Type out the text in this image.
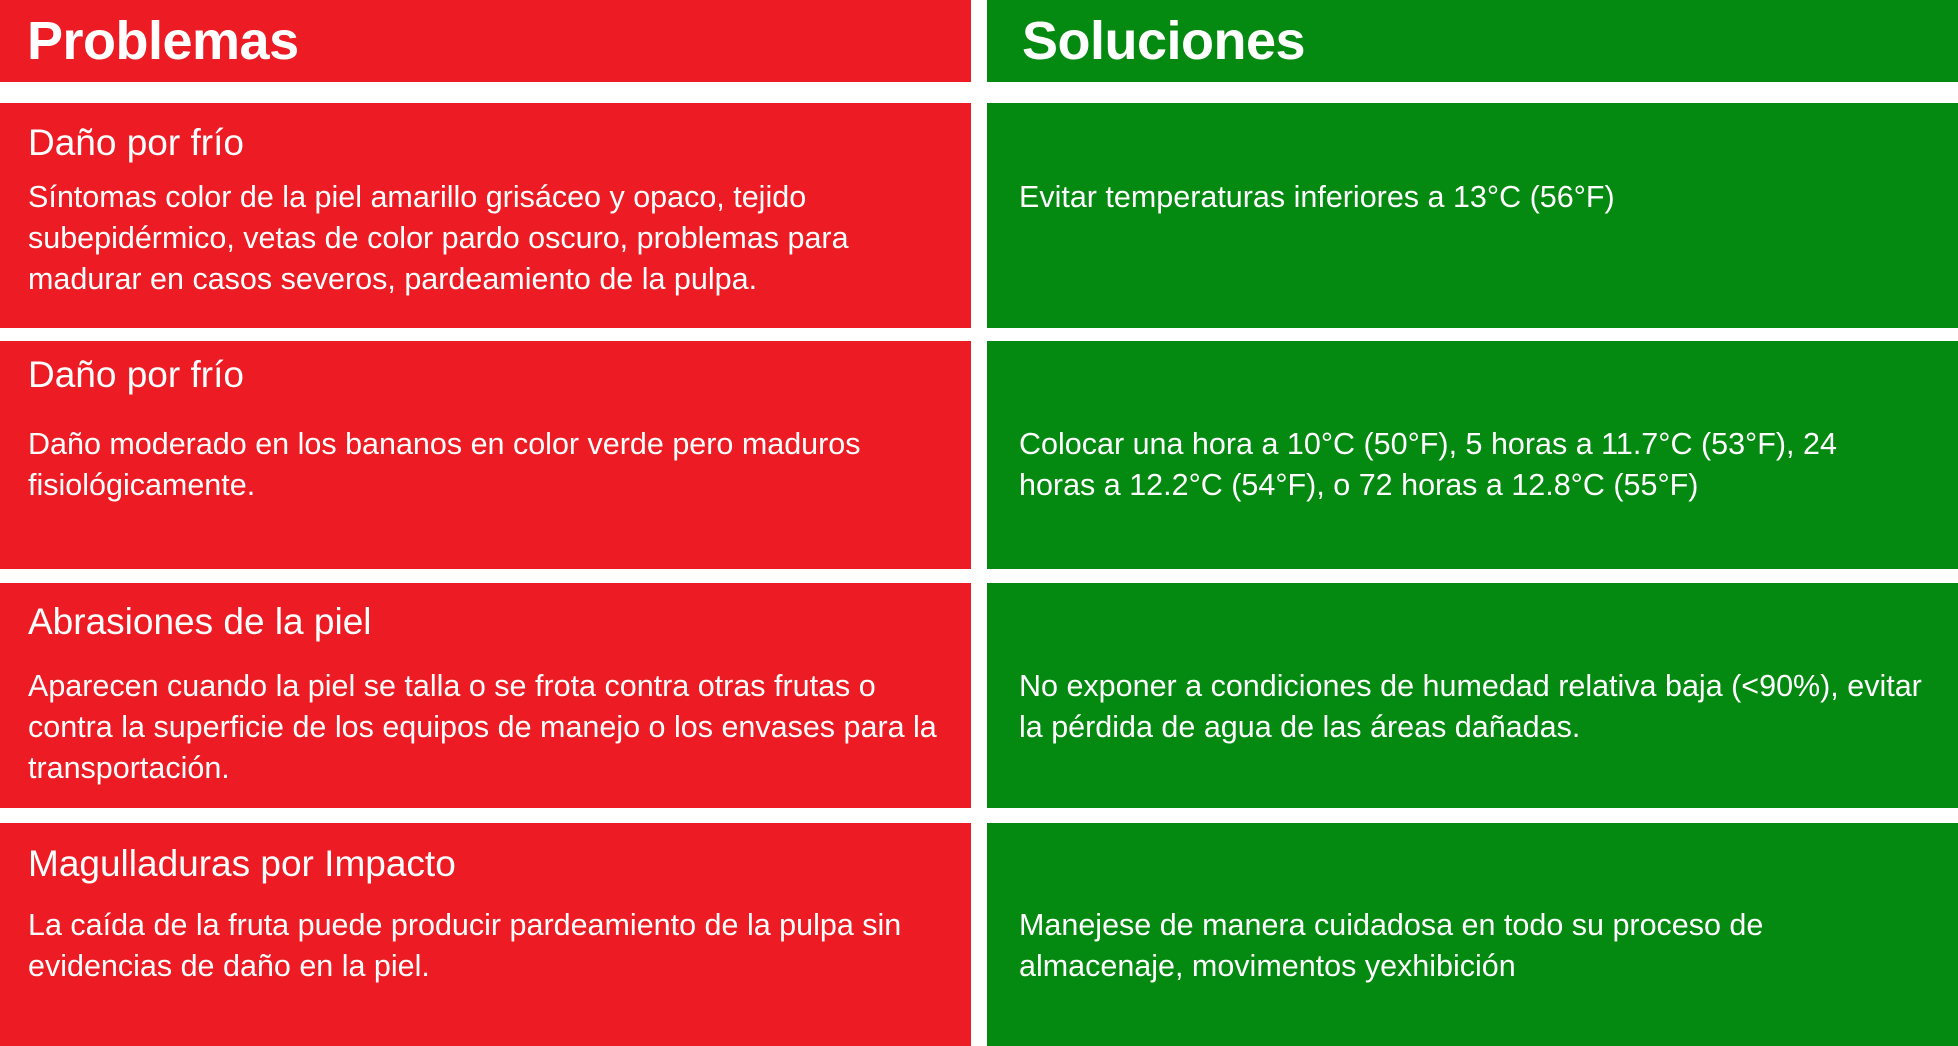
Problemas	Soluciones
Daño por frío
Síntomas color de la piel amarillo grisáceo y opaco, tejido subepidérmico, vetas de color pardo oscuro, problemas para madurar en casos severos, pardeamiento de la pulpa.
Evitar temperaturas inferiores a 13°C (56°F)
Daño por frío
Daño moderado en los bananos en color verde pero maduros fisiológicamente.
Colocar una hora a 10°C (50°F), 5 horas a 11.7°C (53°F), 24 horas a 12.2°C (54°F), o 72 horas a 12.8°C (55°F)
Abrasiones de la piel
Aparecen cuando la piel se talla o se frota contra otras frutas o contra la superficie de los equipos de manejo o los envases para la transportación.
No exponer a condiciones de humedad relativa baja (<90%), evitar la pérdida de agua de las áreas dañadas.
Magulladuras por Impacto
La caída de la fruta puede producir pardeamiento de la pulpa sin evidencias de daño en la piel.
Manejese de manera cuidadosa en todo su proceso de almacenaje, movimentos yexhibición
